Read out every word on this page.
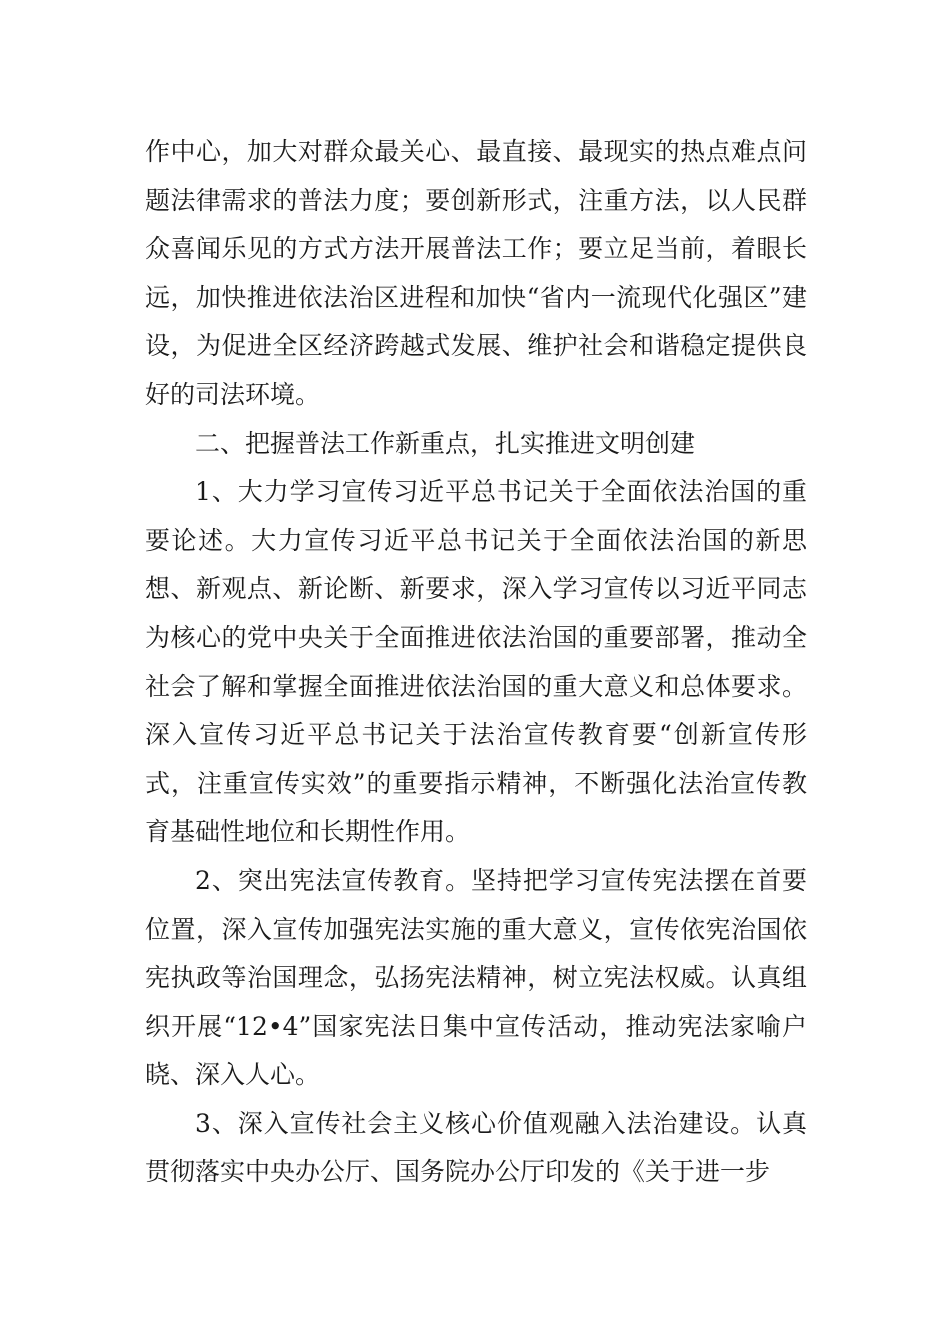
作中心，加大对群众最关心、最直接、最现实的热点难点问题法律需求的普法力度；要创新形式，注重方法，以人民群众喜闻乐见的方式方法开展普法工作；要立足当前，着眼长远，加快推进依法治区进程和加快“省内一流现代化强区”建设，为促进全区经济跨越式发展、维护社会和谐稳定提供良好的司法环境。

二、把握普法工作新重点，扎实推进文明创建

1、大力学习宣传习近平总书记关于全面依法治国的重要论述。大力宣传习近平总书记关于全面依法治国的新思想、新观点、新论断、新要求，深入学习宣传以习近平同志为核心的党中央关于全面推进依法治国的重要部署，推动全社会了解和掌握全面推进依法治国的重大意义和总体要求。深入宣传习近平总书记关于法治宣传教育要“创新宣传形式，注重宣传实效”的重要指示精神，不断强化法治宣传教育基础性地位和长期性作用。

2、突出宪法宣传教育。坚持把学习宣传宪法摆在首要位置，深入宣传加强宪法实施的重大意义，宣传依宪治国依宪执政等治国理念，弘扬宪法精神，树立宪法权威。认真组织开展“12•4”国家宪法日集中宣传活动，推动宪法家喻户晓、深入人心。

3、深入宣传社会主义核心价值观融入法治建设。认真贯彻落实中央办公厅、国务院办公厅印发的《关于进一步
